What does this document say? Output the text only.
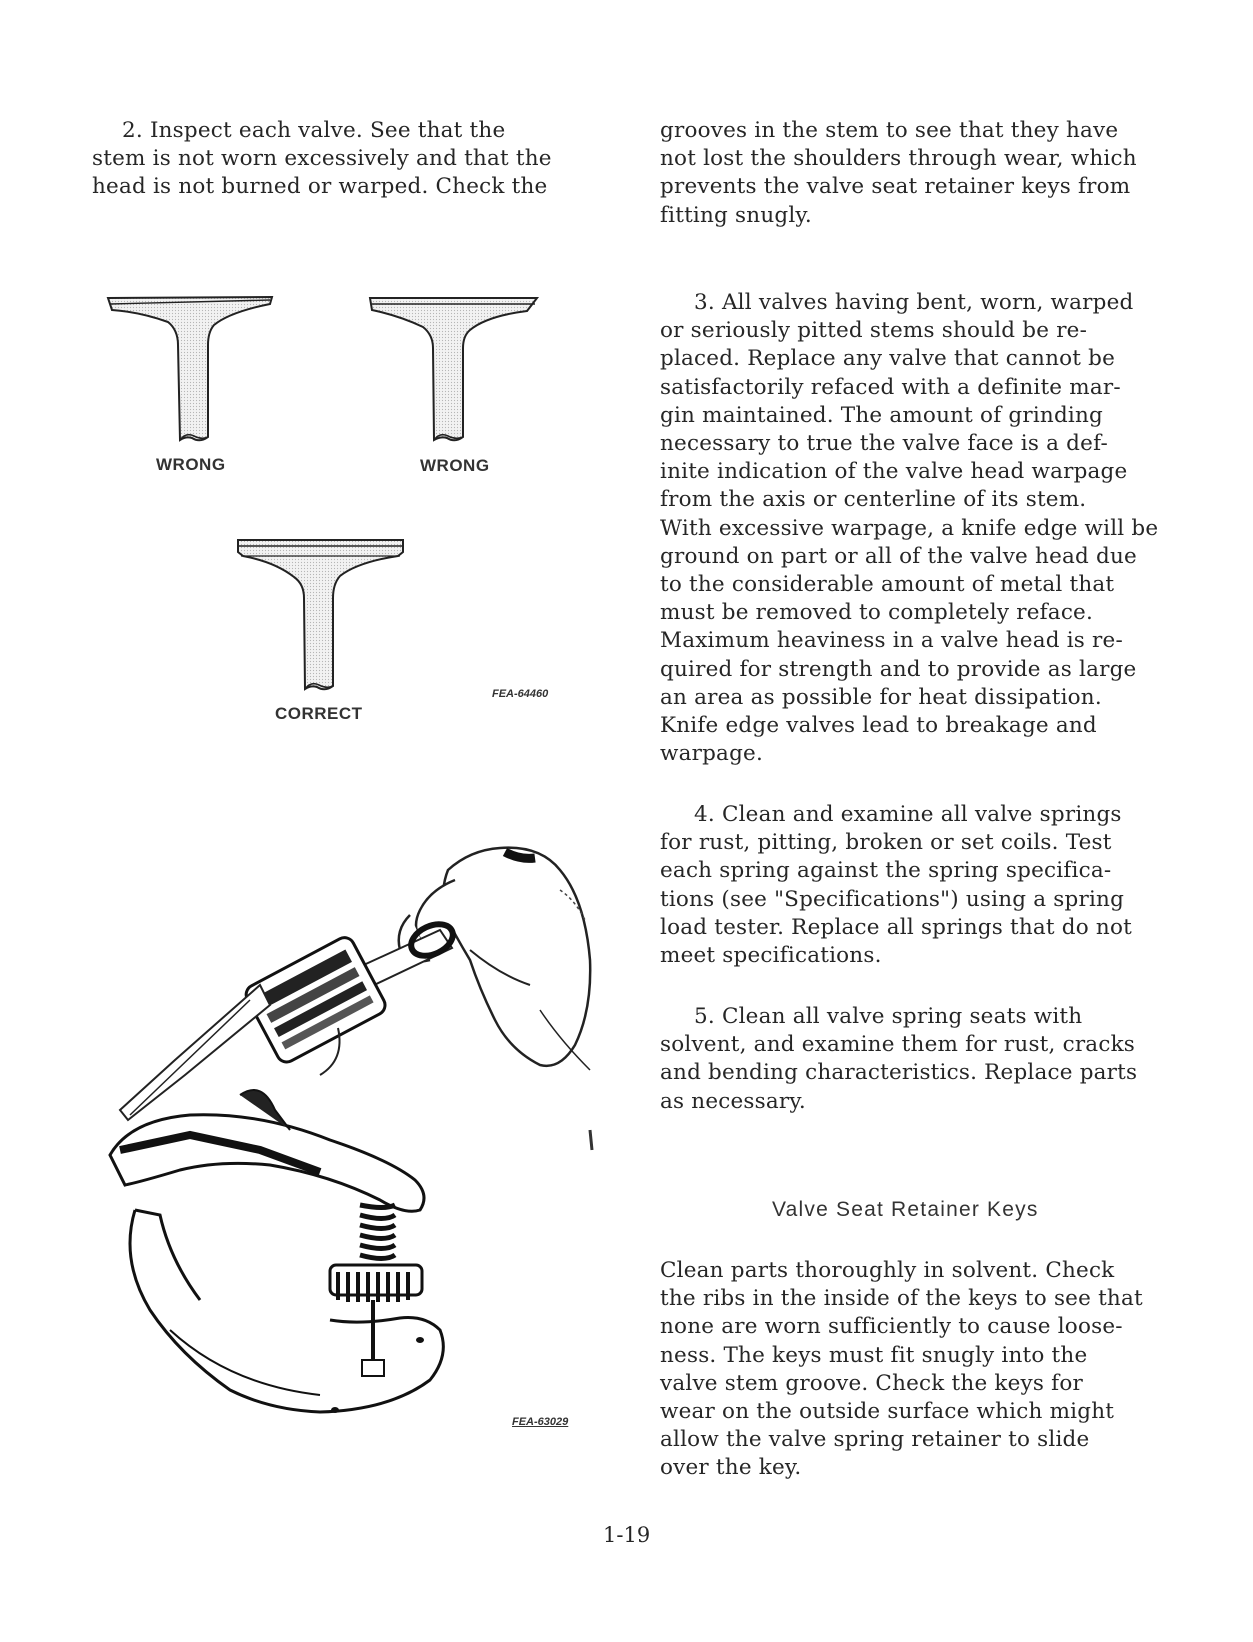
2. Inspect each valve. See that the
stem is not worn excessively and that the
head is not burned or warped. Check the
grooves in the stem to see that they have
not lost the shoulders through wear, which
prevents the valve seat retainer keys from
fitting snugly.
3. All valves having bent, worn, warped
or seriously pitted stems should be re-
placed. Replace any valve that cannot be
satisfactorily refaced with a definite mar-
gin maintained. The amount of grinding
necessary to true the valve face is a def-
inite indication of the valve head warpage
from the axis or centerline of its stem.
With excessive warpage, a knife edge will be
ground on part or all of the valve head due
to the considerable amount of metal that
must be removed to completely reface.
Maximum heaviness in a valve head is re-
quired for strength and to provide as large
an area as possible for heat dissipation.
Knife edge valves lead to breakage and
warpage.
4. Clean and examine all valve springs
for rust, pitting, broken or set coils. Test
each spring against the spring specifica-
tions (see "Specifications") using a spring
load tester. Replace all springs that do not
meet specifications.
5. Clean all valve spring seats with
solvent, and examine them for rust, cracks
and bending characteristics. Replace parts
as necessary.
Valve Seat Retainer Keys
Clean parts thoroughly in solvent. Check
the ribs in the inside of the keys to see that
none are worn sufficiently to cause loose-
ness. The keys must fit snugly into the
valve stem groove. Check the keys for
wear on the outside surface which might
allow the valve spring retainer to slide
over the key.
WRONG	WRONG
CORRECT
FEA-64460
FEA-63029
1-19
